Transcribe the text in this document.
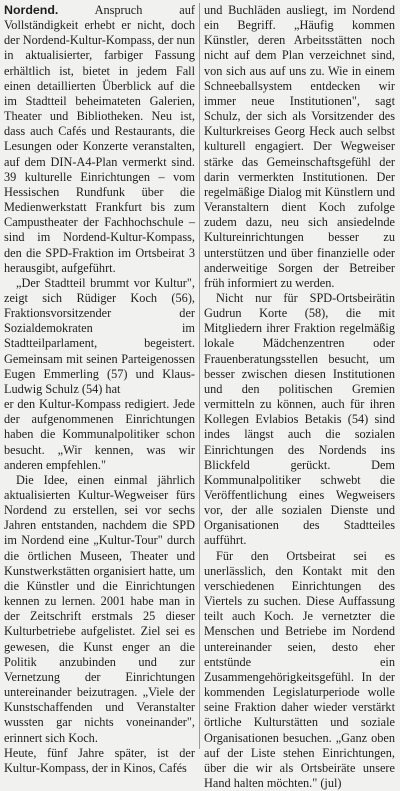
Nordend.	Anspruch auf Vollständigkeit erhebt er nicht, doch der Nordend-Kultur-Kompass, der nun in aktualisierter, farbiger Fassung erhältlich ist, bietet in jedem Fall einen detaillierten Überblick auf die im Stadtteil beheimateten Galerien, Theater und Bibliotheken. Neu ist, dass auch Cafés und Restaurants, die Lesungen oder Konzerte veranstalten, auf dem DIN-A4-Plan vermerkt sind. 39 kulturelle Einrichtungen – vom Hessischen Rundfunk über die Medienwerkstatt Frankfurt bis zum Campustheater der Fachhochschule – sind im Nordend-Kultur-Kompass, den die SPD-Fraktion im Ortsbeirat 3 herausgibt, aufgeführt.

„Der Stadtteil brummt vor Kultur", zeigt sich Rüdiger Koch (56), Fraktionsvorsitzender der Sozialdemokraten im Stadtteilparlament, begeistert. Gemeinsam mit seinen Parteigenossen Eugen Emmerling (57) und Klaus-Ludwig Schulz (54) hat

er den Kultur-Kompass redigiert. Jede der aufgenommenen Einrichtungen haben die Kommunalpolitiker schon besucht. „Wir kennen, was wir anderen empfehlen."

Die Idee, einen einmal jährlich aktualisierten Kultur-Wegweiser fürs Nordend zu erstellen, sei vor sechs Jahren entstanden, nachdem die SPD im Nordend eine „Kultur-Tour" durch die örtlichen Museen, Theater und Kunstwerkstätten organisiert hatte, um die Künstler und die Einrichtungen kennen zu lernen. 2001 habe man in der Zeitschrift erstmals 25 dieser Kulturbetriebe aufgelistet. Ziel sei es gewesen, die Kunst enger an die Politik anzubinden und zur Vernetzung der Einrichtungen untereinander beizutragen. „Viele der Kunstschaffenden und Veranstalter wussten gar nichts voneinander", erinnert sich Koch.

Heute, fünf Jahre später, ist der Kultur-Kompass, der in Kinos, Cafés

und Buchläden ausliegt, im Nordend ein Begriff. „Häufig kommen Künstler, deren Arbeitsstätten noch nicht auf dem Plan verzeichnet sind, von sich aus auf uns zu. Wie in einem Schneeballsystem entdecken wir immer neue Institutionen", sagt Schulz, der sich als Vorsitzender des Kulturkreises Georg Heck auch selbst kulturell engagiert. Der Wegweiser stärke das Gemeinschaftsgefühl der darin vermerkten Institutionen. Der regelmäßige Dialog mit Künstlern und Veranstaltern dient Koch zufolge zudem dazu, neu sich ansiedelnde Kultureinrichtungen besser zu unterstützen und über finanzielle oder anderweitige Sorgen der Betreiber früh informiert zu werden.

Nicht nur für SPD-Ortsbeirätin Gudrun Korte (58), die mit Mitgliedern ihrer Fraktion regelmäßig lokale Mädchenzentren oder Frauenberatungsstellen besucht, um besser zwischen diesen Institutionen und den politischen Gremien vermitteln zu können, auch für ihren Kollegen Evlabios Betakis (54) sind indes längst auch die sozialen Einrichtungen des Nordends ins Blickfeld gerückt. Dem Kommunalpolitiker schwebt die Veröffentlichung eines Wegweisers vor, der alle sozialen Dienste und Organisationen des Stadtteiles aufführt.

Für den Ortsbeirat sei es unerlässlich, den Kontakt mit den verschiedenen Einrichtungen des Viertels zu suchen. Diese Auffassung teilt auch Koch. Je vernetzter die Menschen und Betriebe im Nordend untereinander seien, desto eher entstünde ein Zusammengehörigkeitsgefühl. In der kommenden Legislaturperiode wolle seine Fraktion daher wieder verstärkt örtliche Kulturstätten und soziale Organisationen besuchen. „Ganz oben auf der Liste stehen Einrichtungen, über die wir als Ortsbeiräte unsere Hand halten möchten." (jul)
